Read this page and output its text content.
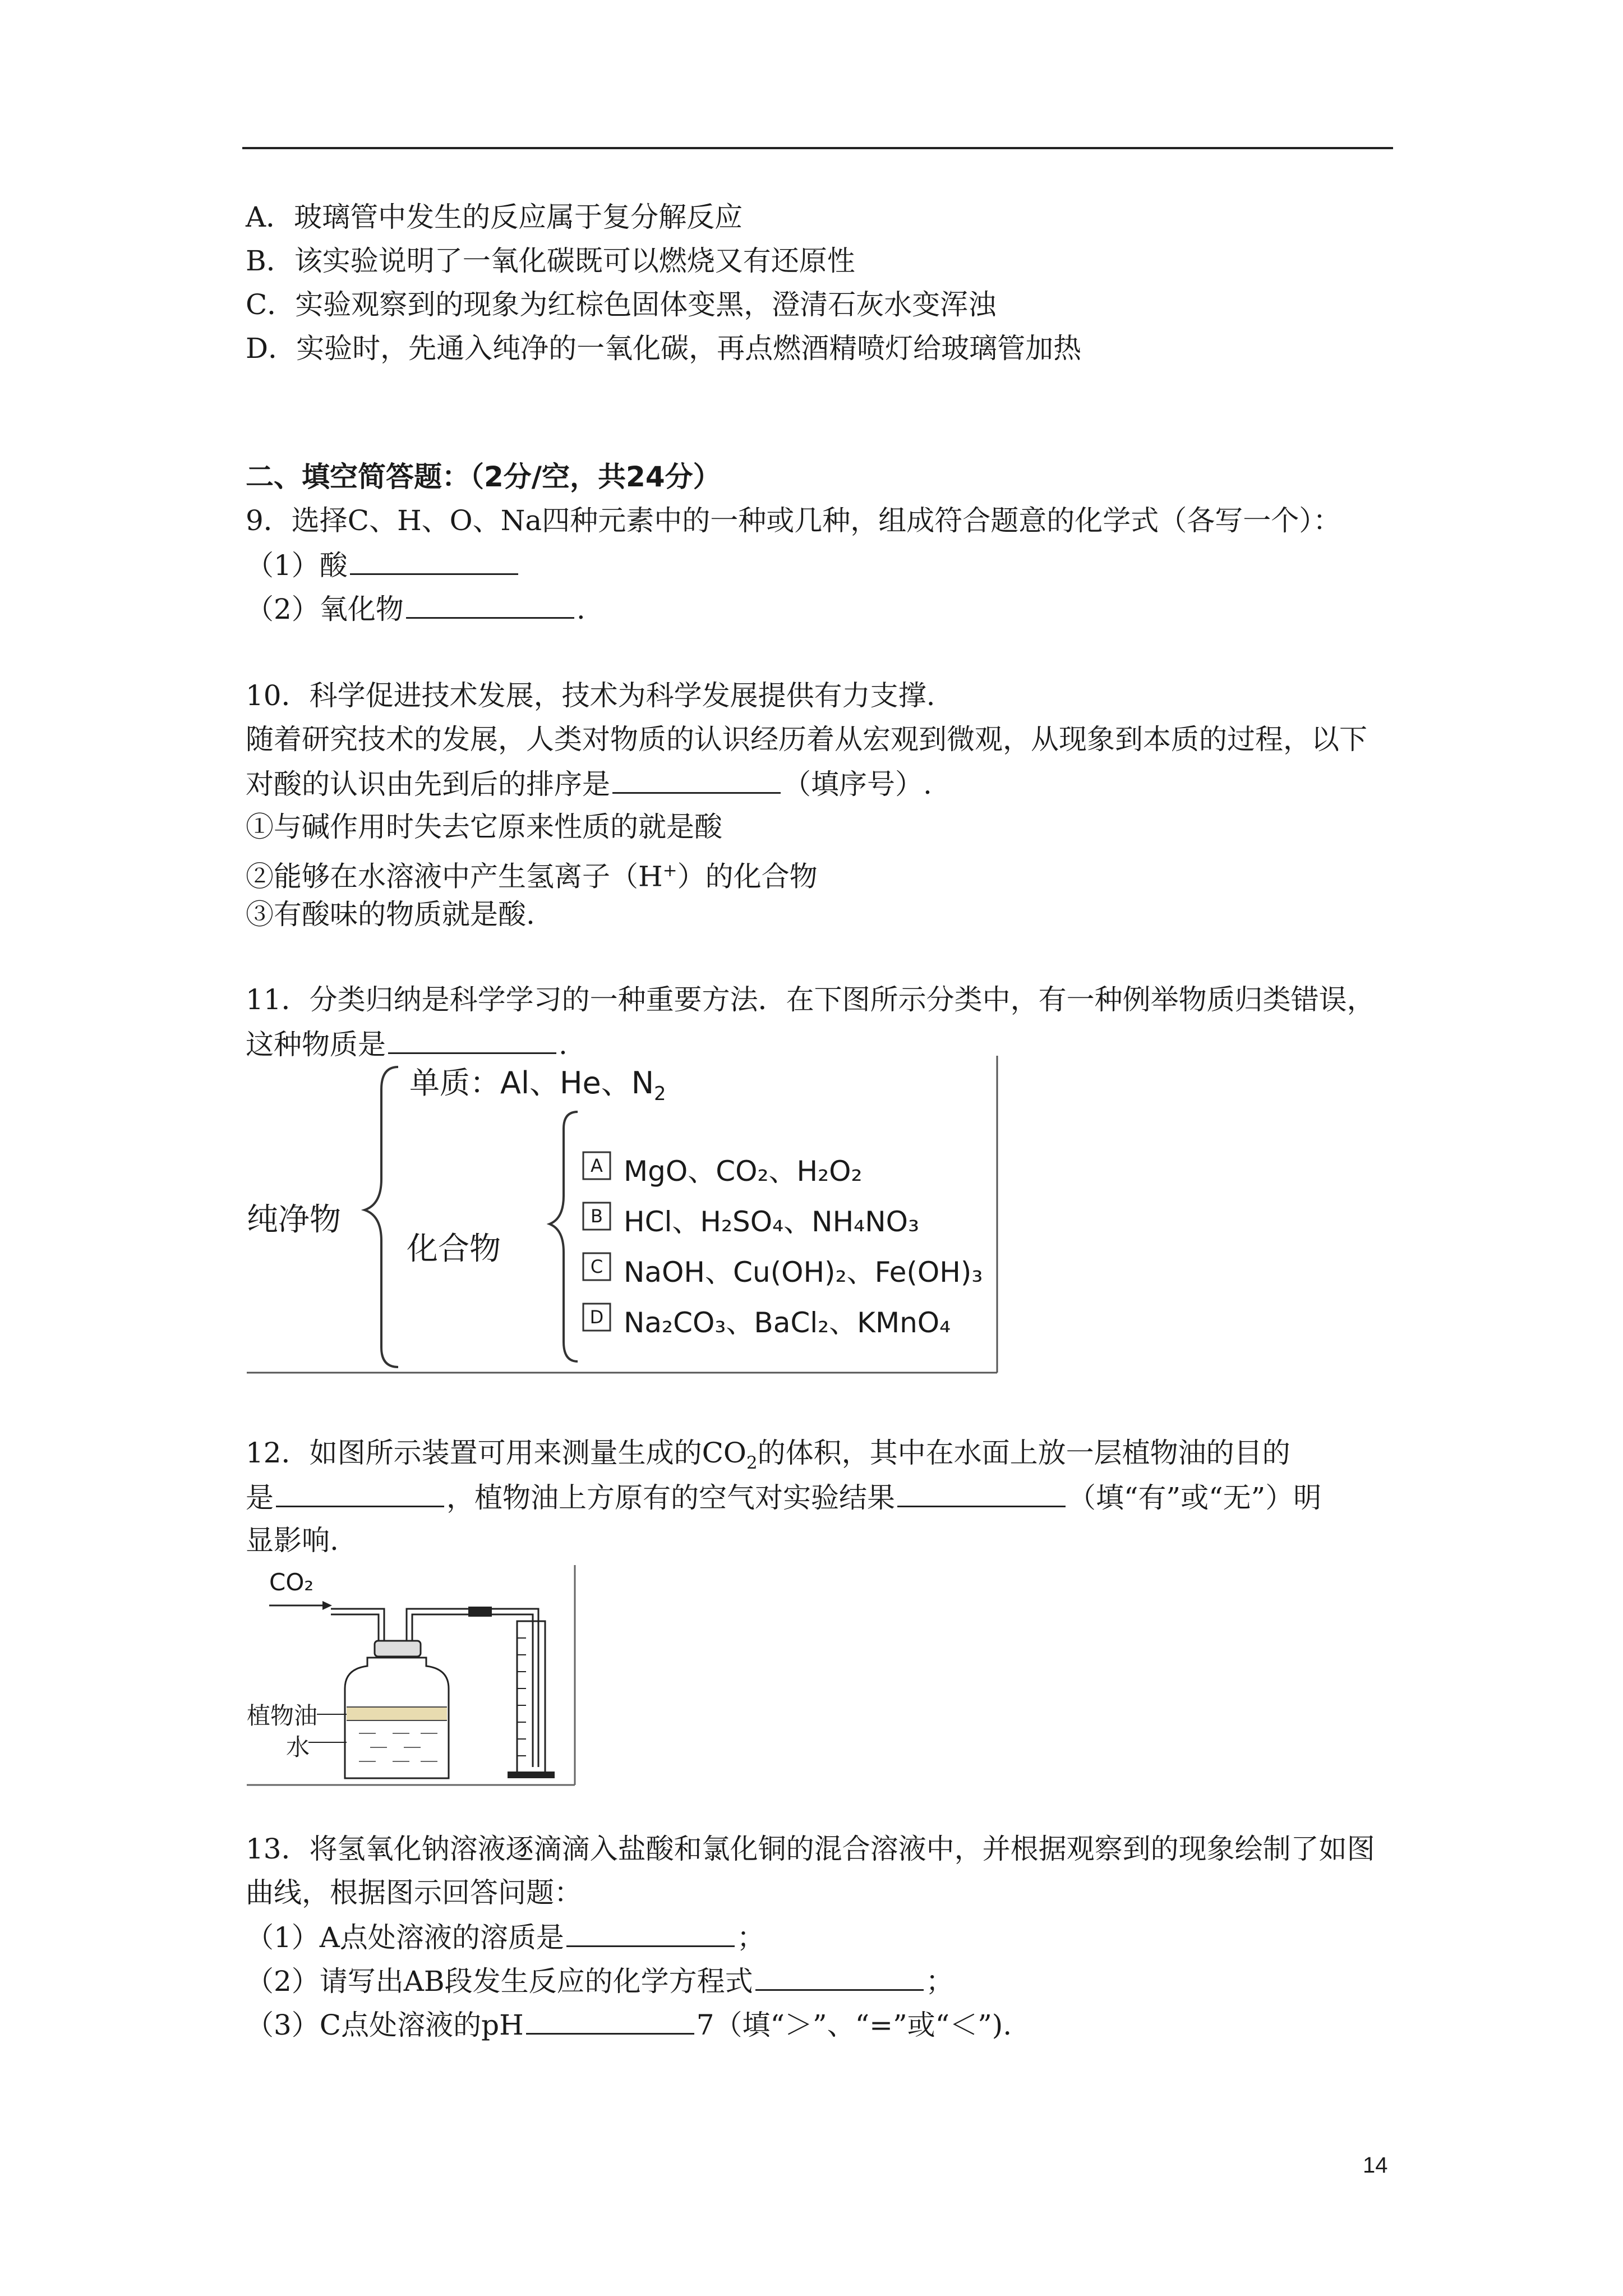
A．玻璃管中发生的反应属于复分解反应
B．该实验说明了一氧化碳既可以燃烧又有还原性
C．实验观察到的现象为红棕色固体变黑，澄清石灰水变浑浊
D．实验时，先通入纯净的一氧化碳，再点燃酒精喷灯给玻璃管加热
二、填空简答题：（2分/空，共24分）
9．选择C、H、O、Na四种元素中的一种或几种，组成符合题意的化学式（各写一个）：
（1）酸
（2）氧化物	.
10．科学促进技术发展，技术为科学发展提供有力支撑.
随着研究技术的发展，人类对物质的认识经历着从宏观到微观，从现象到本质的过程，以下
对酸的认识由先到后的排序是	（填序号）.
①与碱作用时失去它原来性质的就是酸
②能够在水溶液中产生氢离子（H+）的化合物
③有酸味的物质就是酸.
11．分类归纳是科学学习的一种重要方法．在下图所示分类中，有一种例举物质归类错误，
这种物质是	.
纯净物
单质：Al、He、$N_2$
化合物
A
B
C
D
MgO、CO₂、H₂O₂
HCl、H₂SO₄、NH₄NO₃
NaOH、Cu(OH)₂、Fe(OH)₃
Na₂CO₃、BaCl₂、KMnO₄
12．如图所示装置可用来测量生成的$CO_2$的体积，其中在水面上放一层植物油的目的
是	，植物油上方原有的空气对实验结果	（填“有”或“无”）明
显影响.
CO₂
植物油
水
13．将氢氧化钠溶液逐滴滴入盐酸和氯化铜的混合溶液中，并根据观察到的现象绘制了如图
曲线，根据图示回答问题：
（1）A点处溶液的溶质是	；
（2）请写出AB段发生反应的化学方程式	；
（3）C点处溶液的pH	7（填“＞”、“=”或“＜”).
14
